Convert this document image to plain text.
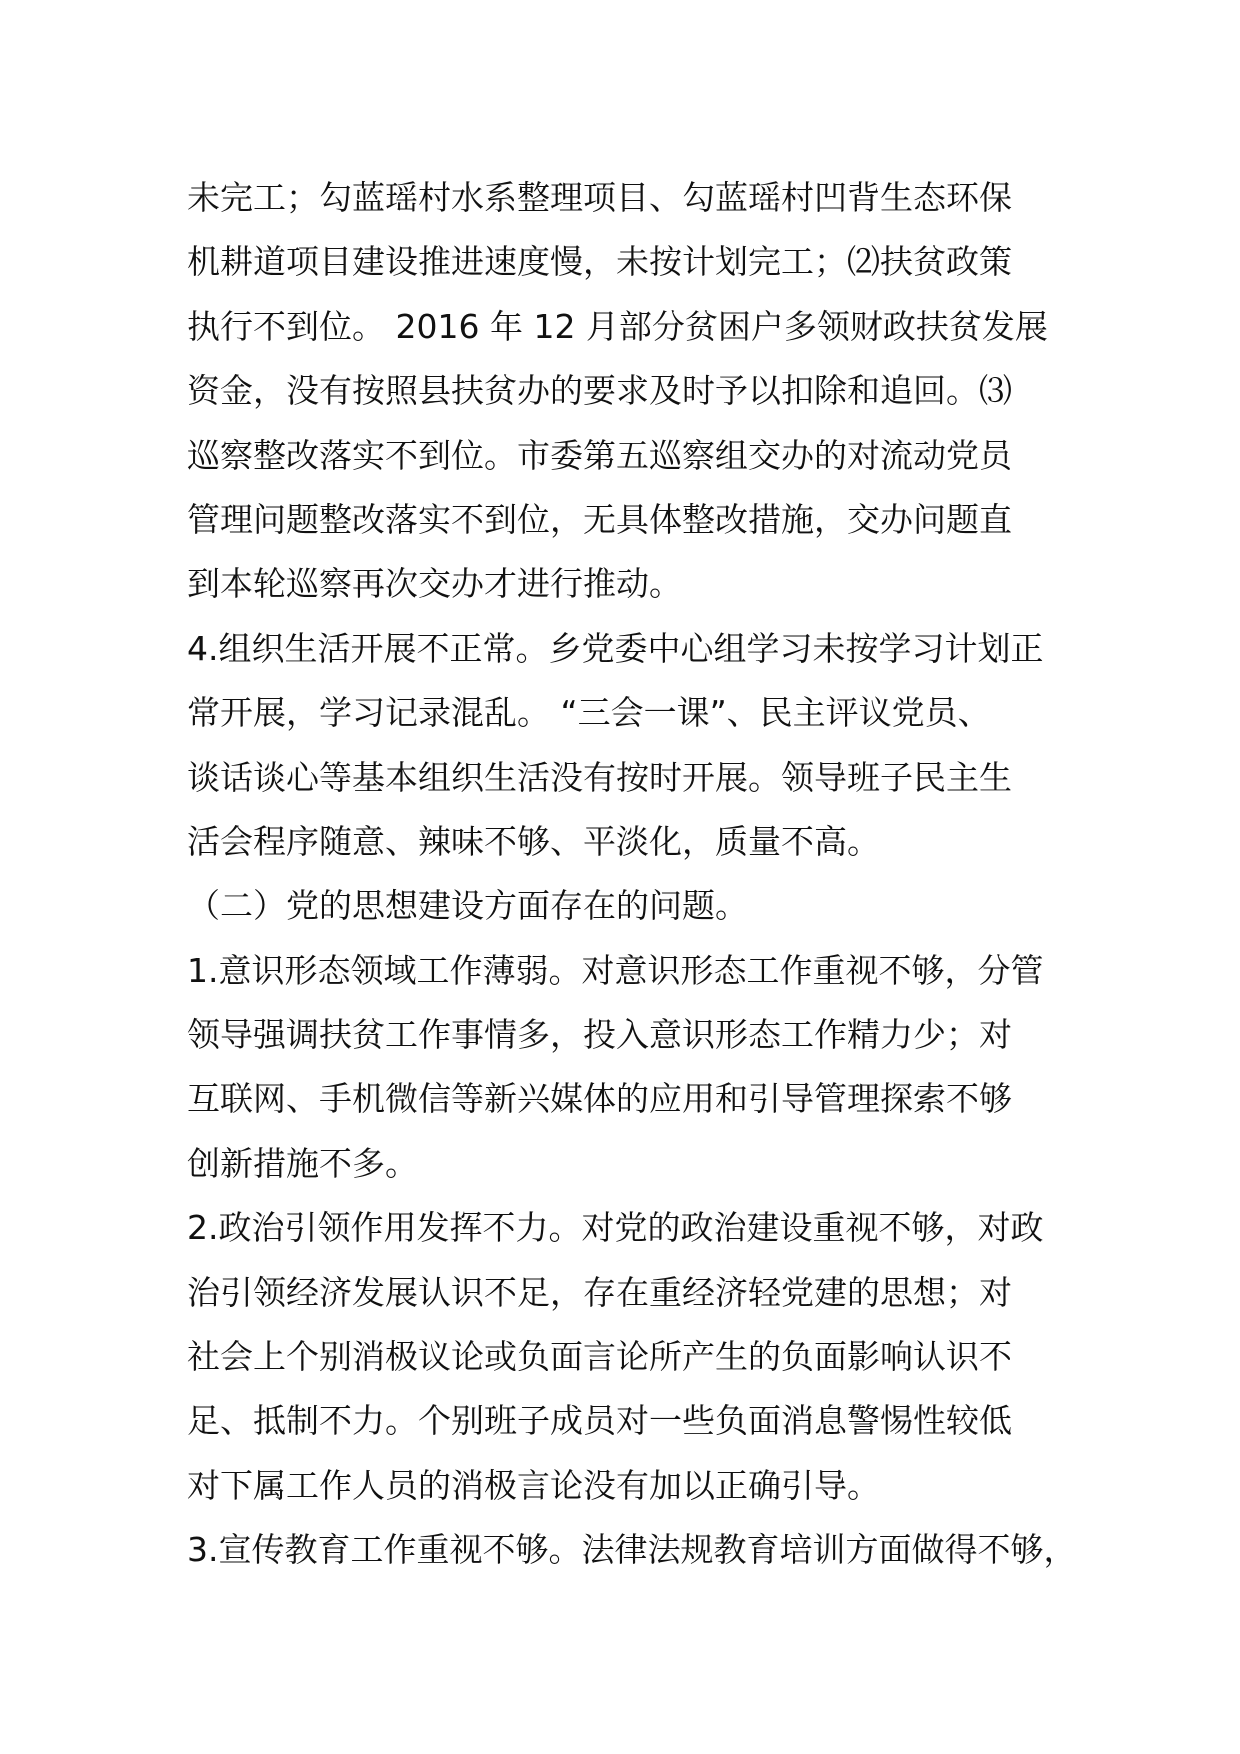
未完工；勾蓝瑶村水系整理项目、勾蓝瑶村凹背生态环保
机耕道项目建设推进速度慢，未按计划完工；⑵扶贫政策
执行不到位。 2016 年 12 月部分贫困户多领财政扶贫发展
资金，没有按照县扶贫办的要求及时予以扣除和追回。⑶
巡察整改落实不到位。市委第五巡察组交办的对流动党员
管理问题整改落实不到位，无具体整改措施，交办问题直
到本轮巡察再次交办才进行推动。
4.组织生活开展不正常。乡党委中心组学习未按学习计划正
常开展，学习记录混乱。 “三会一课”、民主评议党员、
谈话谈心等基本组织生活没有按时开展。领导班子民主生
活会程序随意、辣味不够、平淡化，质量不高。
（二）党的思想建设方面存在的问题。
1.意识形态领域工作薄弱。对意识形态工作重视不够，分管
领导强调扶贫工作事情多，投入意识形态工作精力少；对
互联网、手机微信等新兴媒体的应用和引导管理探索不够
创新措施不多。
2.政治引领作用发挥不力。对党的政治建设重视不够，对政
治引领经济发展认识不足，存在重经济轻党建的思想；对
社会上个别消极议论或负面言论所产生的负面影响认识不
足、抵制不力。个别班子成员对一些负面消息警惕性较低
对下属工作人员的消极言论没有加以正确引导。
3.宣传教育工作重视不够。法律法规教育培训方面做得不够，
